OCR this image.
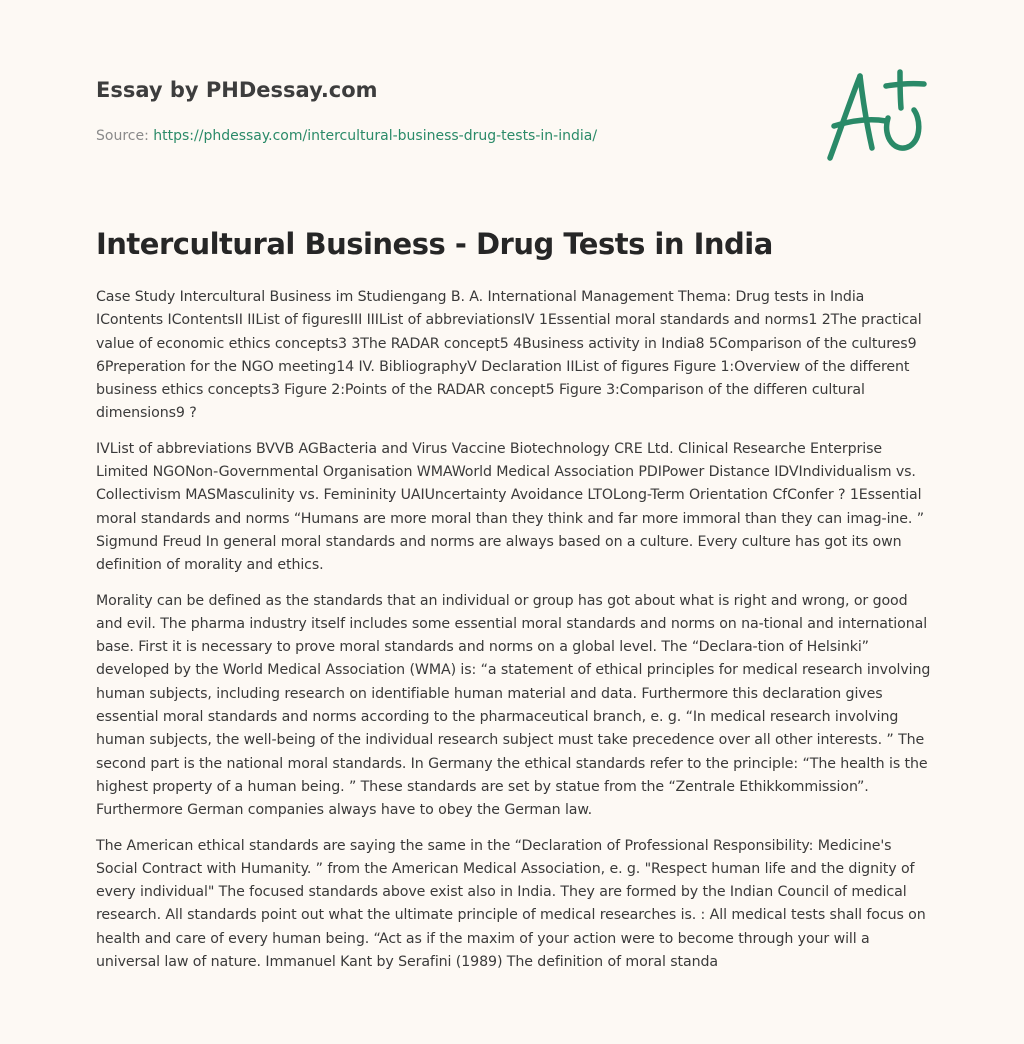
Essay by PHDessay.com
Source: https://phdessay.com/intercultural-business-drug-tests-in-india/
Intercultural Business - Drug Tests in India

Case Study Intercultural Business im Studiengang B. A. International Management Thema: Drug tests in India IContents IContentsII IIList of figuresIII IIIList of abbreviationsIV 1Essential moral standards and norms1 2The practical value of economic ethics concepts3 3The RADAR concept5 4Business activity in India8 5Comparison of the cultures9 6Preperation for the NGO meeting14 IV. BibliographyV Declaration IIList of figures Figure 1:Overview of the different business ethics concepts3 Figure 2:Points of the RADAR concept5 Figure 3:Comparison of the differen cultural dimensions9 ?

IVList of abbreviations BVVB AGBacteria and Virus Vaccine Biotechnology CRE Ltd. Clinical Researche Enterprise Limited NGONon-Governmental Organisation WMAWorld Medical Association PDIPower Distance IDVIndividualism vs. Collectivism MASMasculinity vs. Femininity UAIUncertainty Avoidance LTOLong-Term Orientation CfConfer ? 1Essential moral standards and norms “Humans are more moral than they think and far more immoral than they can imag-ine. ” Sigmund Freud In general moral standards and norms are always based on a culture. Every culture has got its own definition of morality and ethics.

Morality can be defined as the standards that an individual or group has got about what is right and wrong, or good and evil. The pharma industry itself includes some essential moral standards and norms on na-tional and international base. First it is necessary to prove moral standards and norms on a global level. The “Declara-tion of Helsinki” developed by the World Medical Association (WMA) is: “a statement of ethical principles for medical research involving human subjects, including research on identifiable human material and data. Furthermore this declaration gives essential moral standards and norms according to the pharmaceutical branch, e. g. “In medical research involving human subjects, the well-being of the individual research subject must take precedence over all other interests. ” The second part is the national moral standards. In Germany the ethical standards refer to the principle: “The health is the highest property of a human being. ” These standards are set by statue from the “Zentrale Ethikkommission”. Furthermore German companies always have to obey the German law.

The American ethical standards are saying the same in the “Declaration of Professional Responsibility: Medicine's Social Contract with Humanity. ” from the American Medical Association, e. g. "Respect human life and the dignity of every individual" The focused standards above exist also in India. They are formed by the Indian Council of medical research. All standards point out what the ultimate principle of medical researches is. : All medical tests shall focus on health and care of every human being. “Act as if the maxim of your action were to become through your will a universal law of nature. Immanuel Kant by Serafini (1989) The definition of moral standa
